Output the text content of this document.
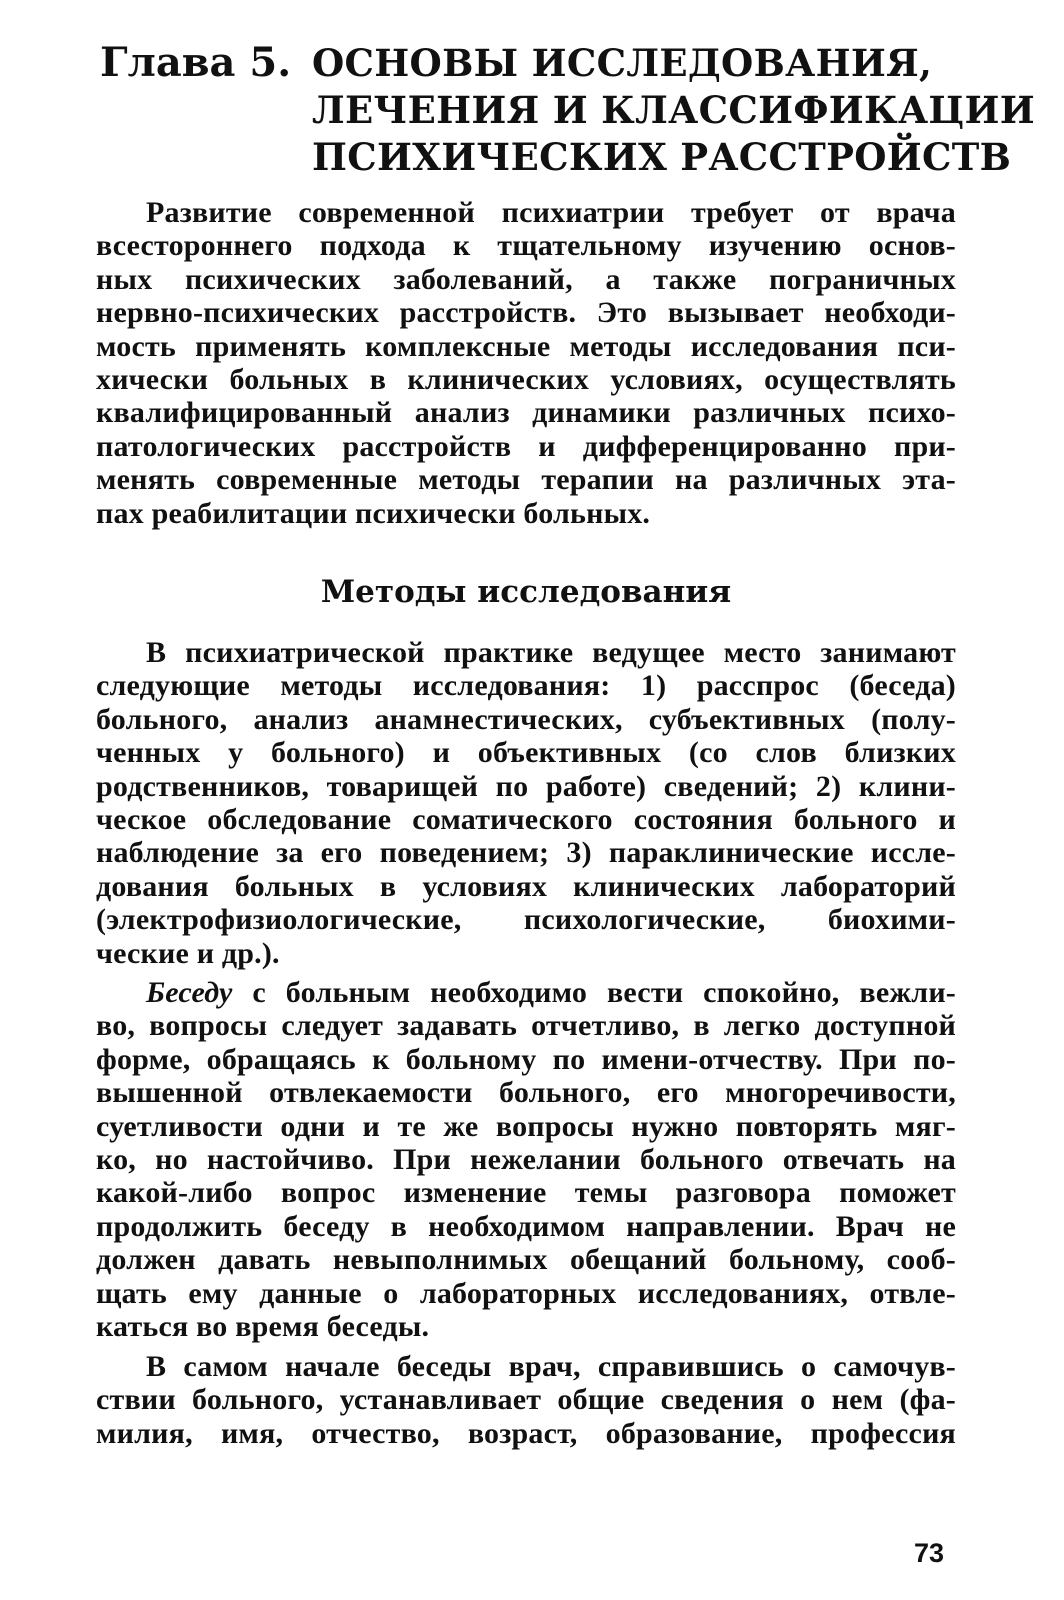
Глава 5. ОСНОВЫ ИССЛЕДОВАНИЯ,
ЛЕЧЕНИЯ И КЛАССИФИКАЦИИ
ПСИХИЧЕСКИХ РАССТРОЙСТВ
Развитие современной психиатрии требует от врача
всестороннего подхода к тщательному изучению основ-
ных психических заболеваний, а также пограничных
нервно-психических расстройств. Это вызывает необходи-
мость применять комплексные методы исследования пси-
хически больных в клинических условиях, осуществлять
квалифицированный анализ динамики различных психо-
патологических расстройств и дифференцированно при-
менять современные методы терапии на различных эта-
пах реабилитации психически больных.
Методы исследования
В психиатрической практике ведущее место занимают
следующие методы исследования: 1) расспрос (беседа)
больного, анализ анамнестических, субъективных (полу-
ченных у больного) и объективных (со слов близких
родственников, товарищей по работе) сведений; 2) клини-
ческое обследование соматического состояния больного и
наблюдение за его поведением; 3) параклинические иссле-
дования больных в условиях клинических лабораторий
(электрофизиологические, психологические, биохими-
ческие и др.).
Беседу с больным необходимо вести спокойно, вежли-
во, вопросы следует задавать отчетливо, в легко доступной
форме, обращаясь к больному по имени-отчеству. При по-
вышенной отвлекаемости больного, его многоречивости,
суетливости одни и те же вопросы нужно повторять мяг-
ко, но настойчиво. При нежелании больного отвечать на
какой-либо вопрос изменение темы разговора поможет
продолжить беседу в необходимом направлении. Врач не
должен давать невыполнимых обещаний больному, сооб-
щать ему данные о лабораторных исследованиях, отвле-
каться во время беседы.
В самом начале беседы врач, справившись о самочув-
ствии больного, устанавливает общие сведения о нем (фа-
милия, имя, отчество, возраст, образование, профессия
73
